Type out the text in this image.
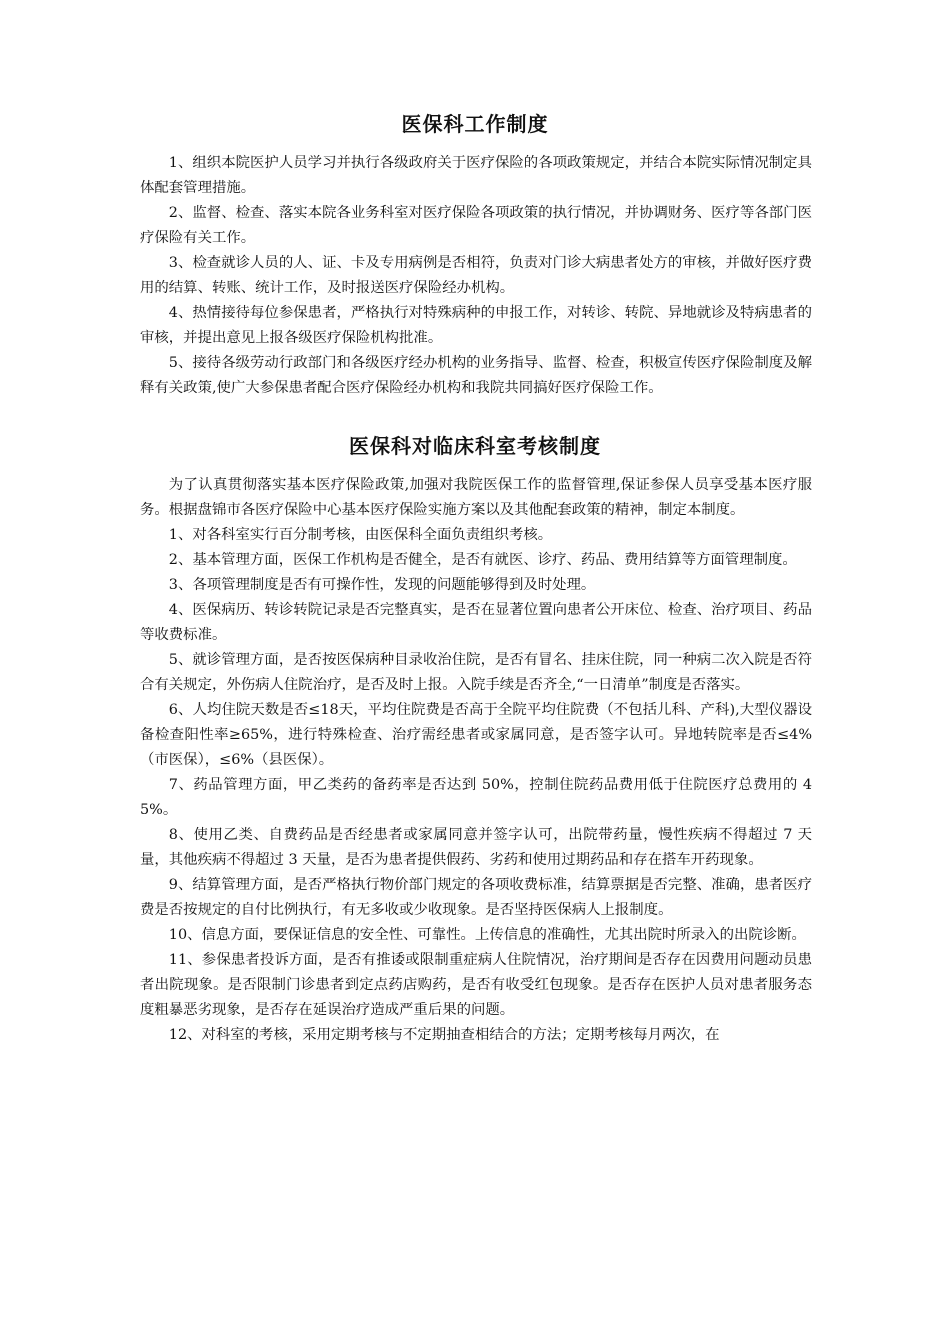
医保科工作制度

1、组织本院医护人员学习并执行各级政府关于医疗保险的各项政策规定，并结合本院实际情况制定具体配套管理措施。

2、监督、检查、落实本院各业务科室对医疗保险各项政策的执行情况，并协调财务、医疗等各部门医疗保险有关工作。

3、检查就诊人员的人、证、卡及专用病例是否相符，负责对门诊大病患者处方的审核，并做好医疗费用的结算、转账、统计工作，及时报送医疗保险经办机构。

4、热情接待每位参保患者，严格执行对特殊病种的申报工作，对转诊、转院、异地就诊及特病患者的审核，并提出意见上报各级医疗保险机构批准。

5、接待各级劳动行政部门和各级医疗经办机构的业务指导、监督、检查，积极宣传医疗保险制度及解释有关政策,使广大参保患者配合医疗保险经办机构和我院共同搞好医疗保险工作。

医保科对临床科室考核制度

为了认真贯彻落实基本医疗保险政策,加强对我院医保工作的监督管理,保证参保人员享受基本医疗服务。根据盘锦市各医疗保险中心基本医疗保险实施方案以及其他配套政策的精神，制定本制度。

1、对各科室实行百分制考核，由医保科全面负责组织考核。

2、基本管理方面，医保工作机构是否健全，是否有就医、诊疗、药品、费用结算等方面管理制度。

3、各项管理制度是否有可操作性，发现的问题能够得到及时处理。

4、医保病历、转诊转院记录是否完整真实，是否在显著位置向患者公开床位、检查、治疗项目、药品等收费标准。

5、就诊管理方面，是否按医保病种目录收治住院，是否有冒名、挂床住院，同一种病二次入院是否符合有关规定，外伤病人住院治疗，是否及时上报。入院手续是否齐全,“一日清单”制度是否落实。

6、人均住院天数是否≤18天，平均住院费是否高于全院平均住院费（不包括儿科、产科),大型仪器设备检查阳性率≥65%，进行特殊检查、治疗需经患者或家属同意，是否签字认可。异地转院率是否≤4%（市医保），≤6%（县医保）。

7、药品管理方面，甲乙类药的备药率是否达到 50%，控制住院药品费用低于住院医疗总费用的 45%。

8、使用乙类、自费药品是否经患者或家属同意并签字认可，出院带药量，慢性疾病不得超过 7 天量，其他疾病不得超过 3 天量，是否为患者提供假药、劣药和使用过期药品和存在搭车开药现象。

9、结算管理方面，是否严格执行物价部门规定的各项收费标准，结算票据是否完整、准确，患者医疗费是否按规定的自付比例执行，有无多收或少收现象。是否坚持医保病人上报制度。

10、信息方面，要保证信息的安全性、可靠性。上传信息的准确性，尤其出院时所录入的出院诊断。

11、参保患者投诉方面，是否有推诿或限制重症病人住院情况，治疗期间是否存在因费用问题动员患者出院现象。是否限制门诊患者到定点药店购药，是否有收受红包现象。是否存在医护人员对患者服务态度粗暴恶劣现象，是否存在延误治疗造成严重后果的问题。

12、对科室的考核，采用定期考核与不定期抽查相结合的方法；定期考核每月两次，在
